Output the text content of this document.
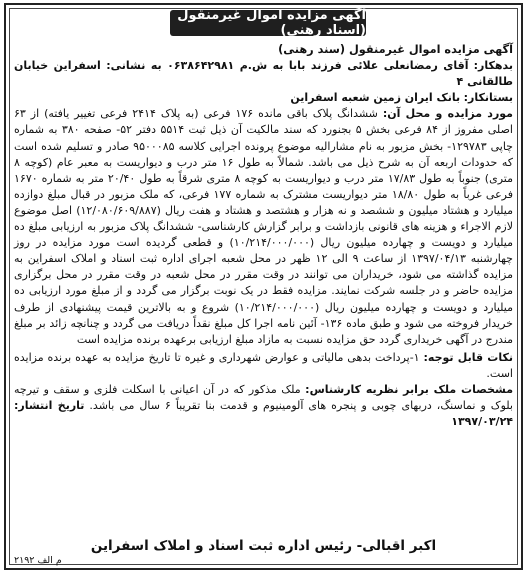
آگهی مزایده اموال غیرمنقول (اسناد رهنی)

آگهی مزایده اموال غیرمنقول (سند رهنی)

بدهکار: آقای رمضانعلی علائی فرزند بابا به ش.م ۰۶۳۸۶۴۲۹۸۱ به نشانی: اسفراین خیابان طالقانی ۴

بستانکار: بانک ایران زمین شعبه اسفراین

مورد مزایده و محل آن: ششدانگ پلاک باقی مانده ۱۷۶ فرعی (به پلاک ۲۴۱۴ فرعی تغییر یافته) از ۶۳ اصلی مفروز از ۸۴ فرعی بخش ۵ بجنورد که سند مالکیت آن ذیل ثبت ۵۵۱۴ دفتر ۵۲- صفحه ۳۸۰ به شماره چاپی ۱۲۹۷۸۳- بخش مزبور به نام مشارالیه موضوع پرونده اجرایی کلاسه ۹۵۰۰۰۸۵ صادر و تسلیم شده است که حدودات اربعه آن به شرح ذیل می باشد. شمالاً به طول ۱۶ متر درب و دیواریست به معبر عام (کوچه ۸ متری) جنوباً به طول ۱۷/۸۳ متر درب و دیواریست به کوچه ۸ متری شرقاً به طول ۲۰/۴۰ متر به شماره ۱۶۷۰ فرعی غرباً به طول ۱۸/۸۰ متر دیواریست مشترک به شماره ۱۷۷ فرعی، که ملک مزبور در قبال مبلغ دوازده میلیارد و هشتاد میلیون و ششصد و نه هزار و هشتصد و هشتاد و هفت ریال (۱۲/۰۸۰/۶۰۹/۸۸۷) اصل موضوع لازم الاجراء و هزینه های قانونی بازداشت و برابر گزارش کارشناسی- ششدانگ پلاک مزبور به ارزیابی مبلغ ده میلیارد و دویست و چهارده میلیون ریال (۱۰/۲۱۴/۰۰۰/۰۰۰) و قطعی گردیده است مورد مزایده در روز چهارشنبه ۱۳۹۷/۰۴/۱۳ از ساعت ۹ الی ۱۲ ظهر در محل شعبه اجرای اداره ثبت اسناد و املاک اسفراین به مزایده گذاشته می شود، خریداران می توانند در وقت مقرر در محل شعبه در وقت مقرر در محل برگزاری مزایده حاضر و در جلسه شرکت نمایند. مزایده فقط در یک نوبت برگزار می گردد و از مبلغ مورد ارزیابی ده میلیارد و دویست و چهارده میلیون ریال (۱۰/۲۱۴/۰۰۰/۰۰۰) شروع و به بالاترین قیمت پیشنهادی از طرف خریدار فروخته می شود و طبق ماده ۱۳۶- آئین نامه اجرا کل مبلغ نقداً دریافت می گردد و چنانچه زائد بر مبلغ مندرج در آگهی خریداری گردد حق مزایده نسبت به مازاد مبلغ ارزیابی برعهده برنده مزایده است

نکات قابل توجه: ۱-پرداخت بدهی مالیاتی و عوارض شهرداری و غیره تا تاریخ مزایده به عهده برنده مزایده است.

مشخصات ملک برابر نظریه کارشناس: ملک مذکور که در آن اعیانی با اسکلت فلزی و سقف و تیرچه بلوک و نماسنگ، دربهای چوبی و پنجره های آلومینیوم و قدمت بنا تقریباً ۶ سال می باشد. تاریخ انتشار: ۱۳۹۷/۰۳/۲۴

اکبر اقبالی- رئیس اداره ثبت اسناد و املاک اسفراین
م الف ۲۱۹۲
